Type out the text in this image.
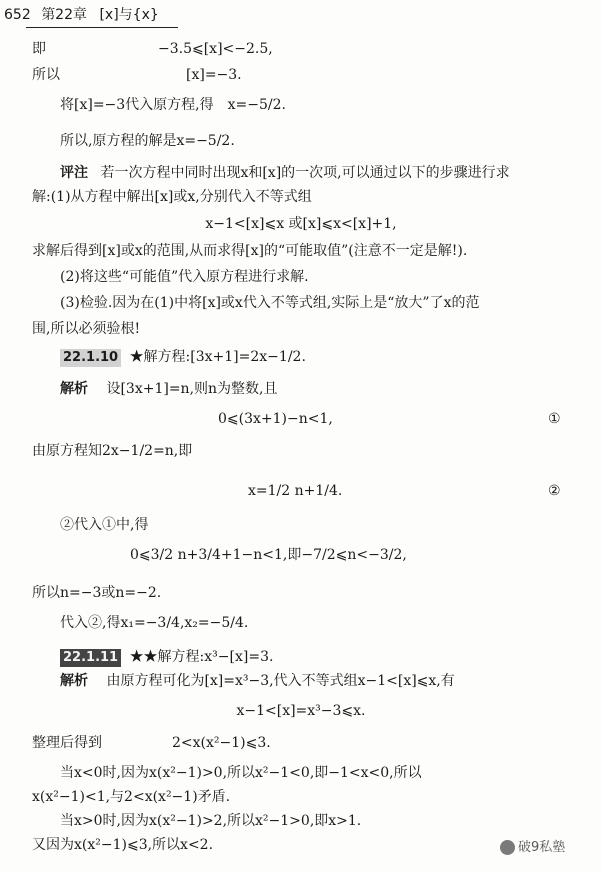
652 第22章 [x]与{x}
即　　　　　　　　−3.5⩽[x]<−2.5,
所以　　　　　　　　　[x]=−3.
将[x]=−3代入原方程,得　x=−5/2.
所以,原方程的解是x=−5/2.
评注 若一次方程中同时出现x和[x]的一次项,可以通过以下的步骤进行求
解:(1)从方程中解出[x]或x,分别代入不等式组
x−1<[x]⩽x 或[x]⩽x<[x]+1,
求解后得到[x]或x的范围,从而求得[x]的“可能取值”(注意不一定是解!).
(2)将这些“可能值”代入原方程进行求解.
(3)检验.因为在(1)中将[x]或x代入不等式组,实际上是“放大”了x的范
围,所以必须验根!
22.1.10 ★解方程:[3x+1]=2x−1/2.
解析 设[3x+1]=n,则n为整数,且
0⩽(3x+1)−n<1,	①
由原方程知2x−1/2=n,即
x=1/2 n+1/4.	②
②代入①中,得
0⩽3/2 n+3/4+1−n<1,即−7/2⩽n<−3/2,
所以n=−3或n=−2.
代入②,得x₁=−3/4,x₂=−5/4.
22.1.11 ★★解方程:x³−[x]=3.
解析 由原方程可化为[x]=x³−3,代入不等式组x−1<[x]⩽x,有
x−1<[x]=x³−3⩽x.
整理后得到　　　　　2<x(x²−1)⩽3.
当x<0时,因为x(x²−1)>0,所以x²−1<0,即−1<x<0,所以
x(x²−1)<1,与2<x(x²−1)矛盾.
当x>0时,因为x(x²−1)>2,所以x²−1>0,即x>1.
又因为x(x²−1)⩽3,所以x<2.	破9私塾
